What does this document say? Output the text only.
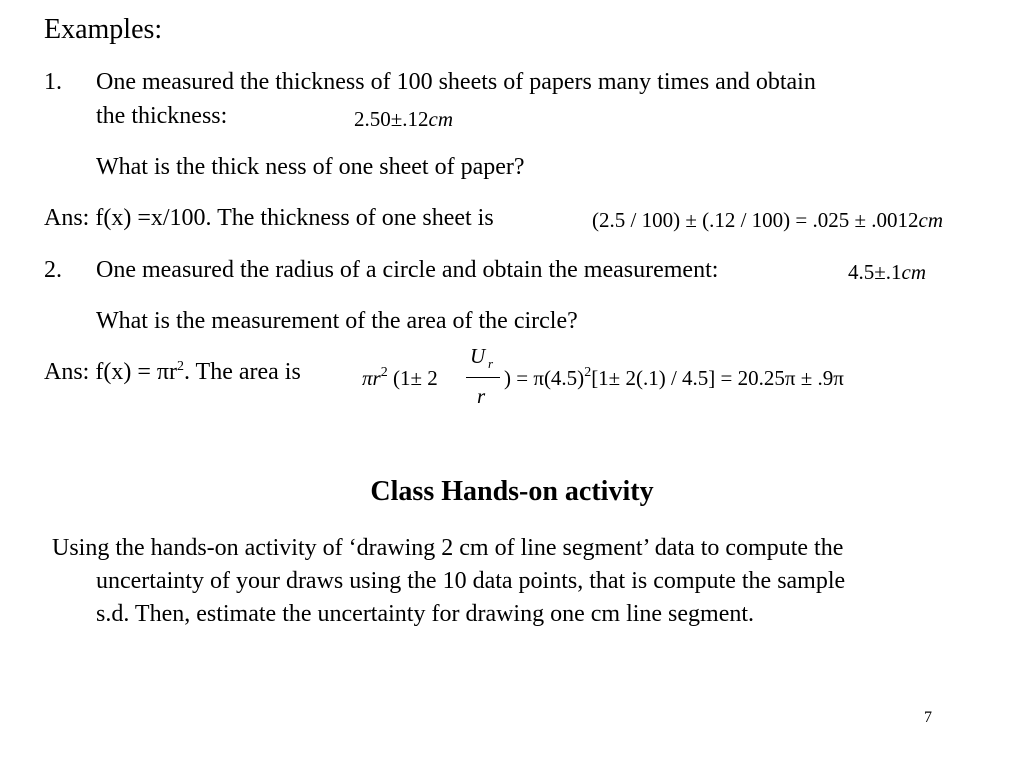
Examples:
1. One measured the thickness of 100 sheets of papers many times and obtain
the thickness:	2.50±.12cm
What is the thick ness of one sheet of paper?
Ans: f(x) =x/100. The thickness of one sheet is	(2.5 / 100) ± (.12 / 100) = .025 ± .0012cm
2. One measured the radius of a circle and obtain the measurement:	4.5±.1cm
What is the measurement of the area of the circle?
Ans: $f(x) = \pi r^2$. The area is	$\pi r^2$ (1± 2
U r
r
) = $\pi(4.5)^2[1\pm 2(.1) / 4.5] = 20.25\pi \pm .9\pi$
Class Hands-on activity
Using the hands-on activity of ‘drawing 2 cm of line segment’ data to compute the
uncertainty of your draws using the 10 data points, that is compute the sample
s.d. Then, estimate the uncertainty for drawing one cm line segment.
7
